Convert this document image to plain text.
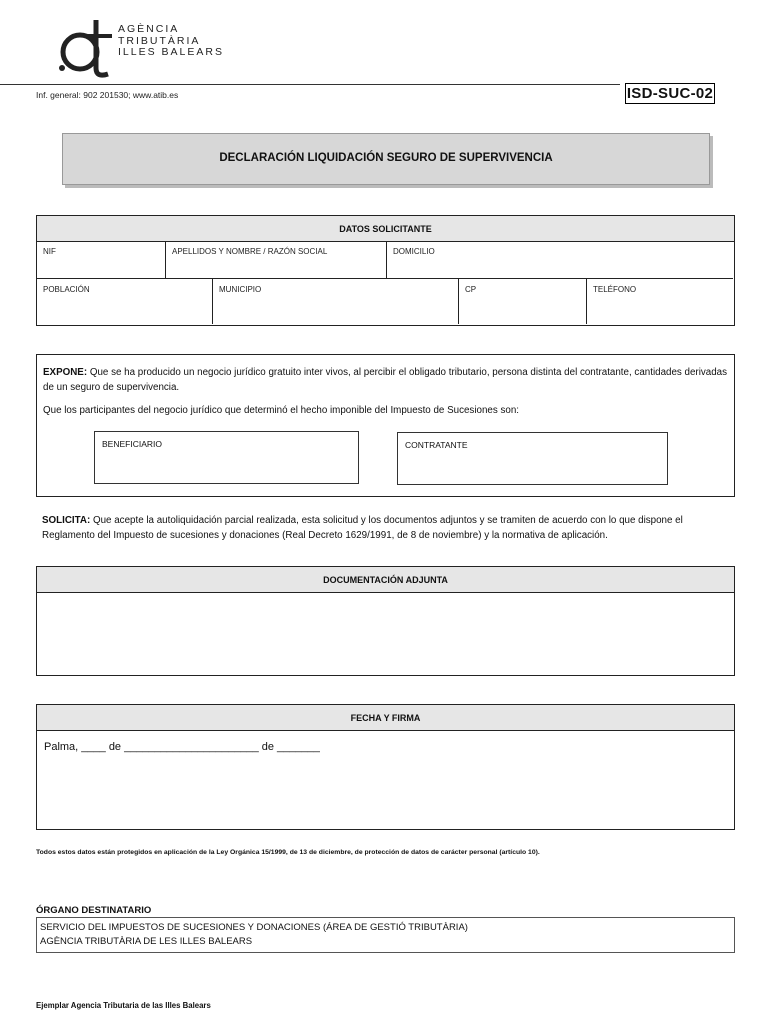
AGÈNCIA
TRIBUTÀRIA
ILLES BALEARS
Inf. general: 902 201530; www.atib.es	ISD-SUC-02
DECLARACIÓN LIQUIDACIÓN SEGURO DE SUPERVIVENCIA
DATOS SOLICITANTE
NIF	APELLIDOS Y NOMBRE / RAZÓN SOCIAL	DOMICILIO
POBLACIÓN	MUNICIPIO	CP	TELÉFONO
EXPONE: Que se ha producido un negocio jurídico gratuito inter vivos, al percibir el obligado tributario, persona distinta del contratante, cantidades derivadas de un seguro de supervivencia.
Que los participantes del negocio jurídico que determinó el hecho imponible del Impuesto de Sucesiones son:
BENEFICIARIO	CONTRATANTE
SOLICITA: Que acepte la autoliquidación parcial realizada, esta solicitud y los documentos adjuntos y se tramiten de acuerdo con lo que dispone el Reglamento del Impuesto de sucesiones y donaciones (Real Decreto 1629/1991, de 8 de noviembre) y la normativa de aplicación.
DOCUMENTACIÓN ADJUNTA
FECHA Y FIRMA
Palma, ____ de ______________________ de _______
Todos estos datos están protegidos en aplicación de la Ley Orgánica 15/1999, de 13 de diciembre, de protección de datos de carácter personal (artículo 10).
ÓRGANO DESTINATARIO
SERVICIO DEL IMPUESTOS DE SUCESIONES Y DONACIONES (ÁREA DE GESTIÓ TRIBUTÀRIA)
AGÈNCIA TRIBUTÀRIA DE LES ILLES BALEARS
Ejemplar Agencia Tributaria de las Illes Balears
